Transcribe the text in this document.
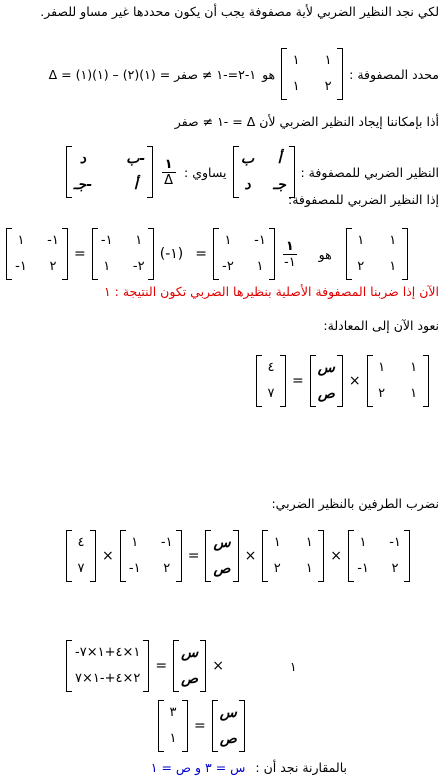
لكي نجد النظير الضربي لأية مصفوفة يجب أن يكون محددها غير مساو للصفر.
محدد المصفوفة :
١
١
٢
١
هو
Δ = (١)(١) – (٢)(١) = ١-٢=-١ ≠ صفر
أذا بإمكاننا إيجاد النظير الضربي لأن Δ = -١ ≠ صفر
النظير الضربي للمصفوفة :
أ
ب
جـ
د
يساوي :
$\frac{١}{\Delta}$
-ب
د
أ
-جـ
إذا النظير الضربي للمصفوفة:
١ -١
-١ ٢
=
-١ ١
١ -٢
(-١) =
١ -١
-٢ ١ $\frac{١}{-١}$ هو
١ ١
٢ ١
الآن إذا ضربنا المصفوفة الأصلية بنظيرها الضربي تكون النتيجة : ١
نعود الآن إلى المعادلة:
٤
٧
=
س
ص
×
١ ١
٢ ١
نضرب الطرفين بالنظير الضربي:
٤
٧
×
١ -١
-١ ٢
=
س
ص
×
١ ١
٢ ١
×
١ -١
-١ ٢
-١×٤+١×٧
٢×٤+-١×٧
=
س
ص
×	١
٣
١
=
س
ص
بالمقارنة نجد أن : س = ٣ و ص = ١
